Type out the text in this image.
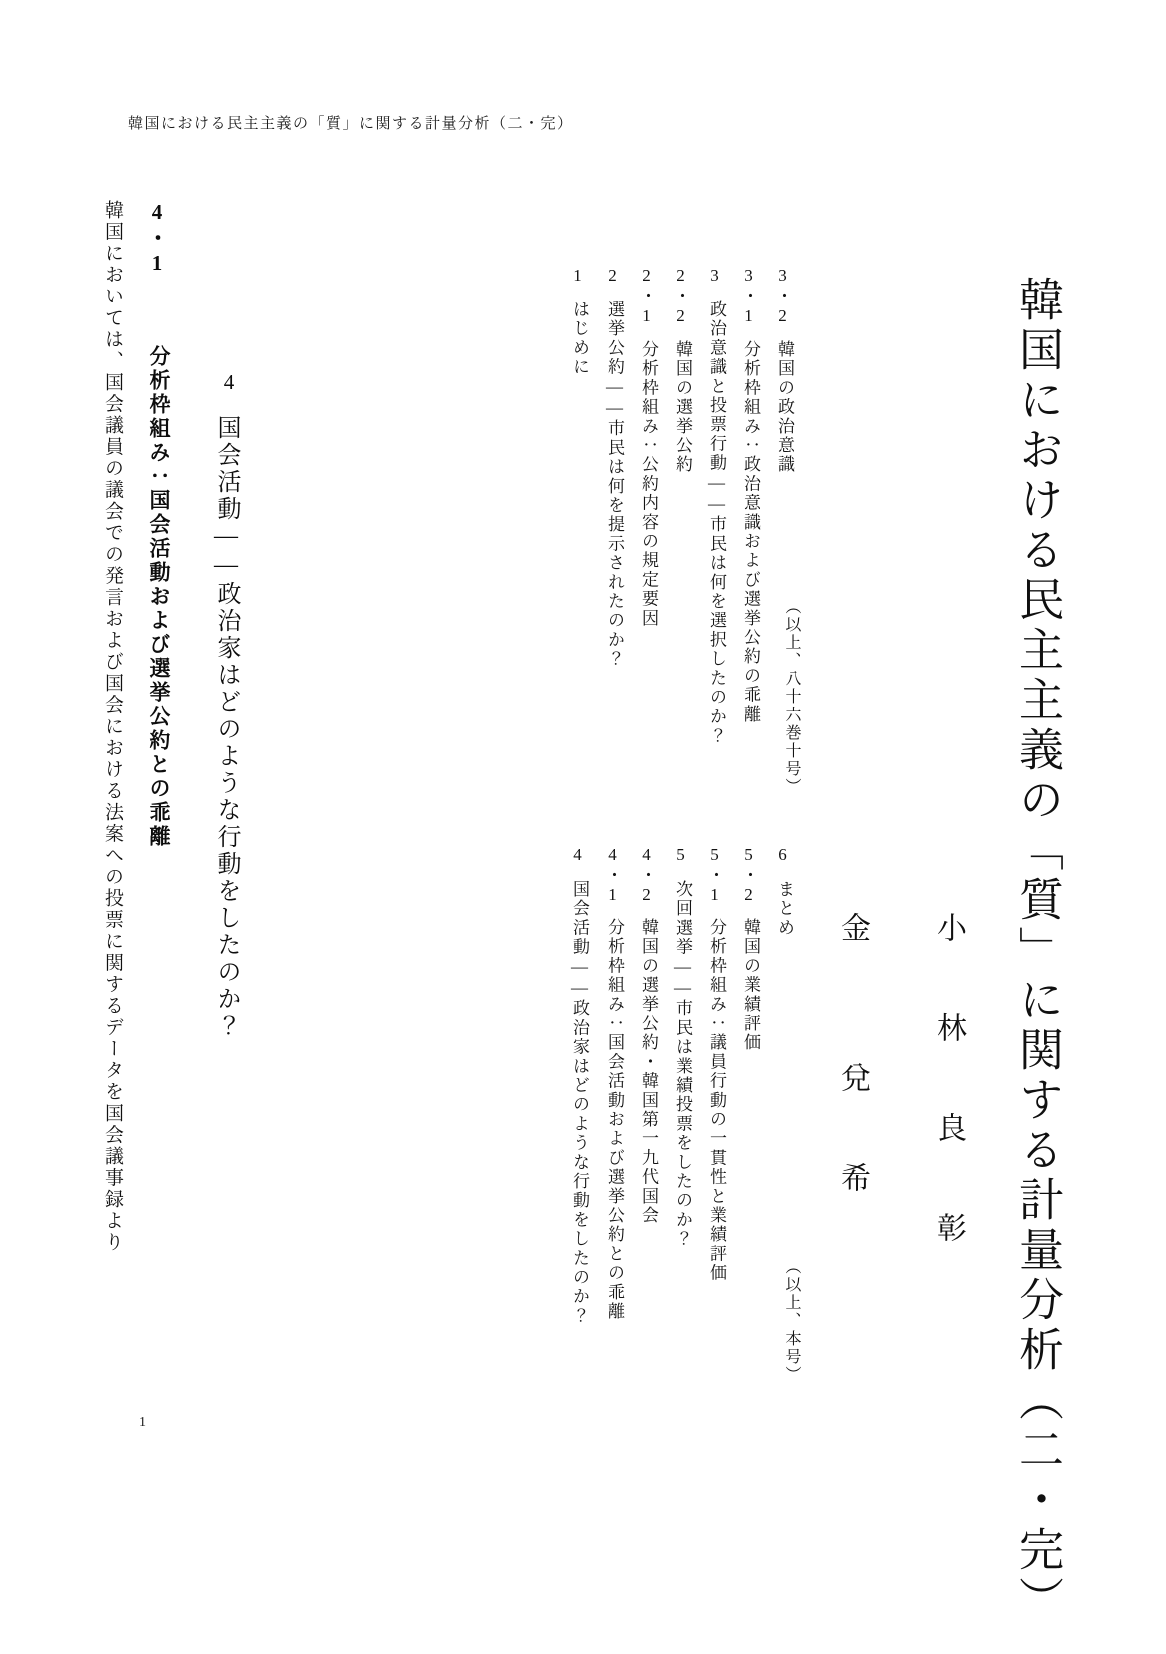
韓国における民主主義の「質」に関する計量分析（二・完）
韓国における民主主義の「質」に関する計量分析（二・完）
小　林　良　彰
金　　兌　希
1
はじめに
2
選挙公約――市民は何を提示されたのか？
2・1
分析枠組み：公約内容の規定要因
2・2
韓国の選挙公約
3
政治意識と投票行動――市民は何を選択したのか？
3・1
分析枠組み：政治意識および選挙公約の乖離
3・2
韓国の政治意識
（以上、八十六巻十号）
4
国会活動――政治家はどのような行動をしたのか？
4・1
分析枠組み：国会活動および選挙公約との乖離
4・2
韓国の選挙公約・韓国第一九代国会
5
次回選挙――市民は業績投票をしたのか？
5・1
分析枠組み：議員行動の一貫性と業績評価
5・2
韓国の業績評価
6
まとめ
（以上、本号）
4
国会活動――政治家はどのような行動をしたのか？
4・1
分析枠組み：国会活動および選挙公約との乖離
韓国においては、国会議員の議会での発言および国会における法案への投票に関するデータを国会議事録より
1
